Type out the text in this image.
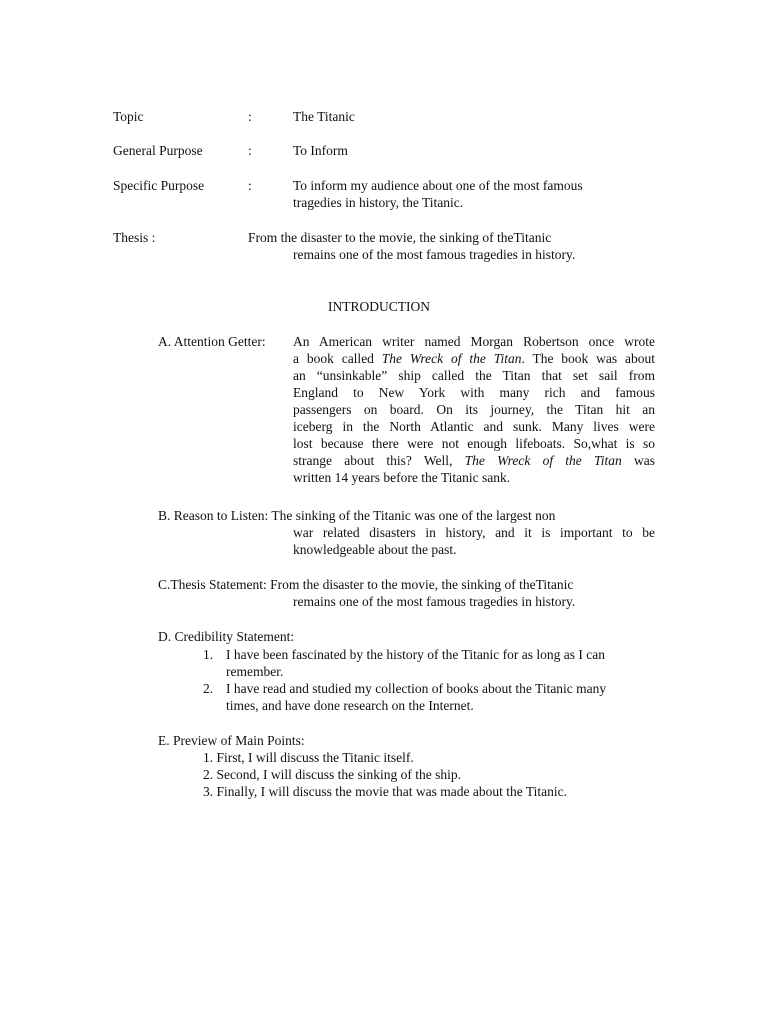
Topic	:	The Titanic
General Purpose	:	To Inform
Specific Purpose	:	To inform my audience about one of the most famous
tragedies in history, the Titanic.
Thesis :	From the disaster to the movie, the sinking of theTitanic
remains one of the most famous tragedies in history.
INTRODUCTION
A. Attention Getter: An American writer named Morgan Robertson once wrote
a book called The Wreck of the Titan. The book was about
an “unsinkable” ship called the Titan that set sail from
England to New York with many rich and famous
passengers on board. On its journey, the Titan hit an
iceberg in the North Atlantic and sunk. Many lives were
lost because there were not enough lifeboats. So,what is so
strange about this? Well, The Wreck of the Titan was
written 14 years before the Titanic sank.
B. Reason to Listen: The sinking of the Titanic was one of the largest non
war related disasters in history, and it is important to be
knowledgeable about the past.
C.Thesis Statement: From the disaster to the movie, the sinking of theTitanic
remains one of the most famous tragedies in history.
D. Credibility Statement:
1. I have been fascinated by the history of the Titanic for as long as I can
remember.
2. I have read and studied my collection of books about the Titanic many
times, and have done research on the Internet.
E. Preview of Main Points:
1. First, I will discuss the Titanic itself.
2. Second, I will discuss the sinking of the ship.
3. Finally, I will discuss the movie that was made about the Titanic.
